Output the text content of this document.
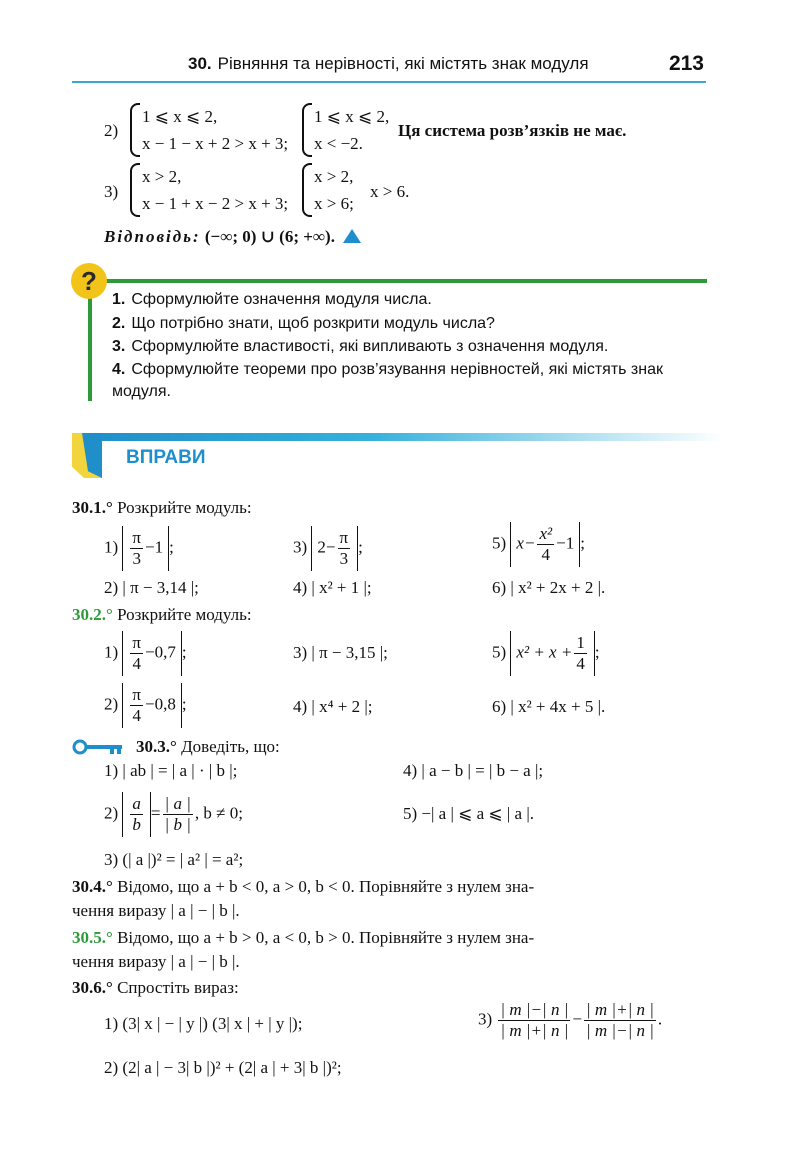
30. Рівняння та нерівності, які містять знак модуля	213
2)
1 ⩽ x ⩽ 2,
x − 1 − x + 2 > x + 3;
1 ⩽ x ⩽ 2,
x < −2.
Ця система розв’язків не має.
3)
x > 2,
x − 1 + x − 2 > x + 3;
x > 2,
x > 6;
x > 6.
Відповідь: (−∞; 0) ∪ (6; +∞).
?
1. Сформулюйте означення модуля числа.
2. Що потрібно знати, щоб розкрити модуль числа?
3. Сформулюйте властивості, які випливають з означення модуля.
4. Сформулюйте теореми про розв’язування нерівностей, які містять знак модуля.
ВПРАВИ
30.1.° Розкрийте модуль:
$1) \frac{\pi}{3} -1$ ;	3) $2- \frac{\pi}{3}$ ;	5) $x- \frac{\text{x²}}{4} -1$ ;
2) | π − 3,14 |;	4) | x² + 1 |;	6) | x² + 2x + 2 |.
30.2.° Розкрийте модуль:
$1) \frac{\pi}{4} -0,7$ ;	3) | π − 3,15 |;	5) $x^2 + x + \frac{1}{4}$ ;
$2) \frac{\pi}{4} -0,8$ ;	4) | x⁴ + 2 |;	6) | x² + 4x + 5 |.
30.3.° Доведіть, що:
1) | ab | = | a | · | b |;	4) | a − b | = | b − a |;
$2) \frac{a}{b} = \frac{| a |}{| b |}$ , b ≠ 0;	5) −| a | ⩽ a ⩽ | a |.
3) (| a |)² = | a² | = a²;
30.4.° Відомо, що a + b < 0, a > 0, b < 0. Порівняйте з нулем зна-
чення виразу | a | − | b |.
30.5.° Відомо, що a + b > 0, a < 0, b > 0. Порівняйте з нулем зна-
чення виразу | a | − | b |.
30.6.° Спростіть вираз:
1) (3| x | − | y |) (3| x | + | y |);	$3) \frac{| m |-| n |}{| m |+| n |} - \frac{| m |+| n |}{| m |-| n |}$ .
2) (2| a | − 3| b |)² + (2| a | + 3| b |)²;
